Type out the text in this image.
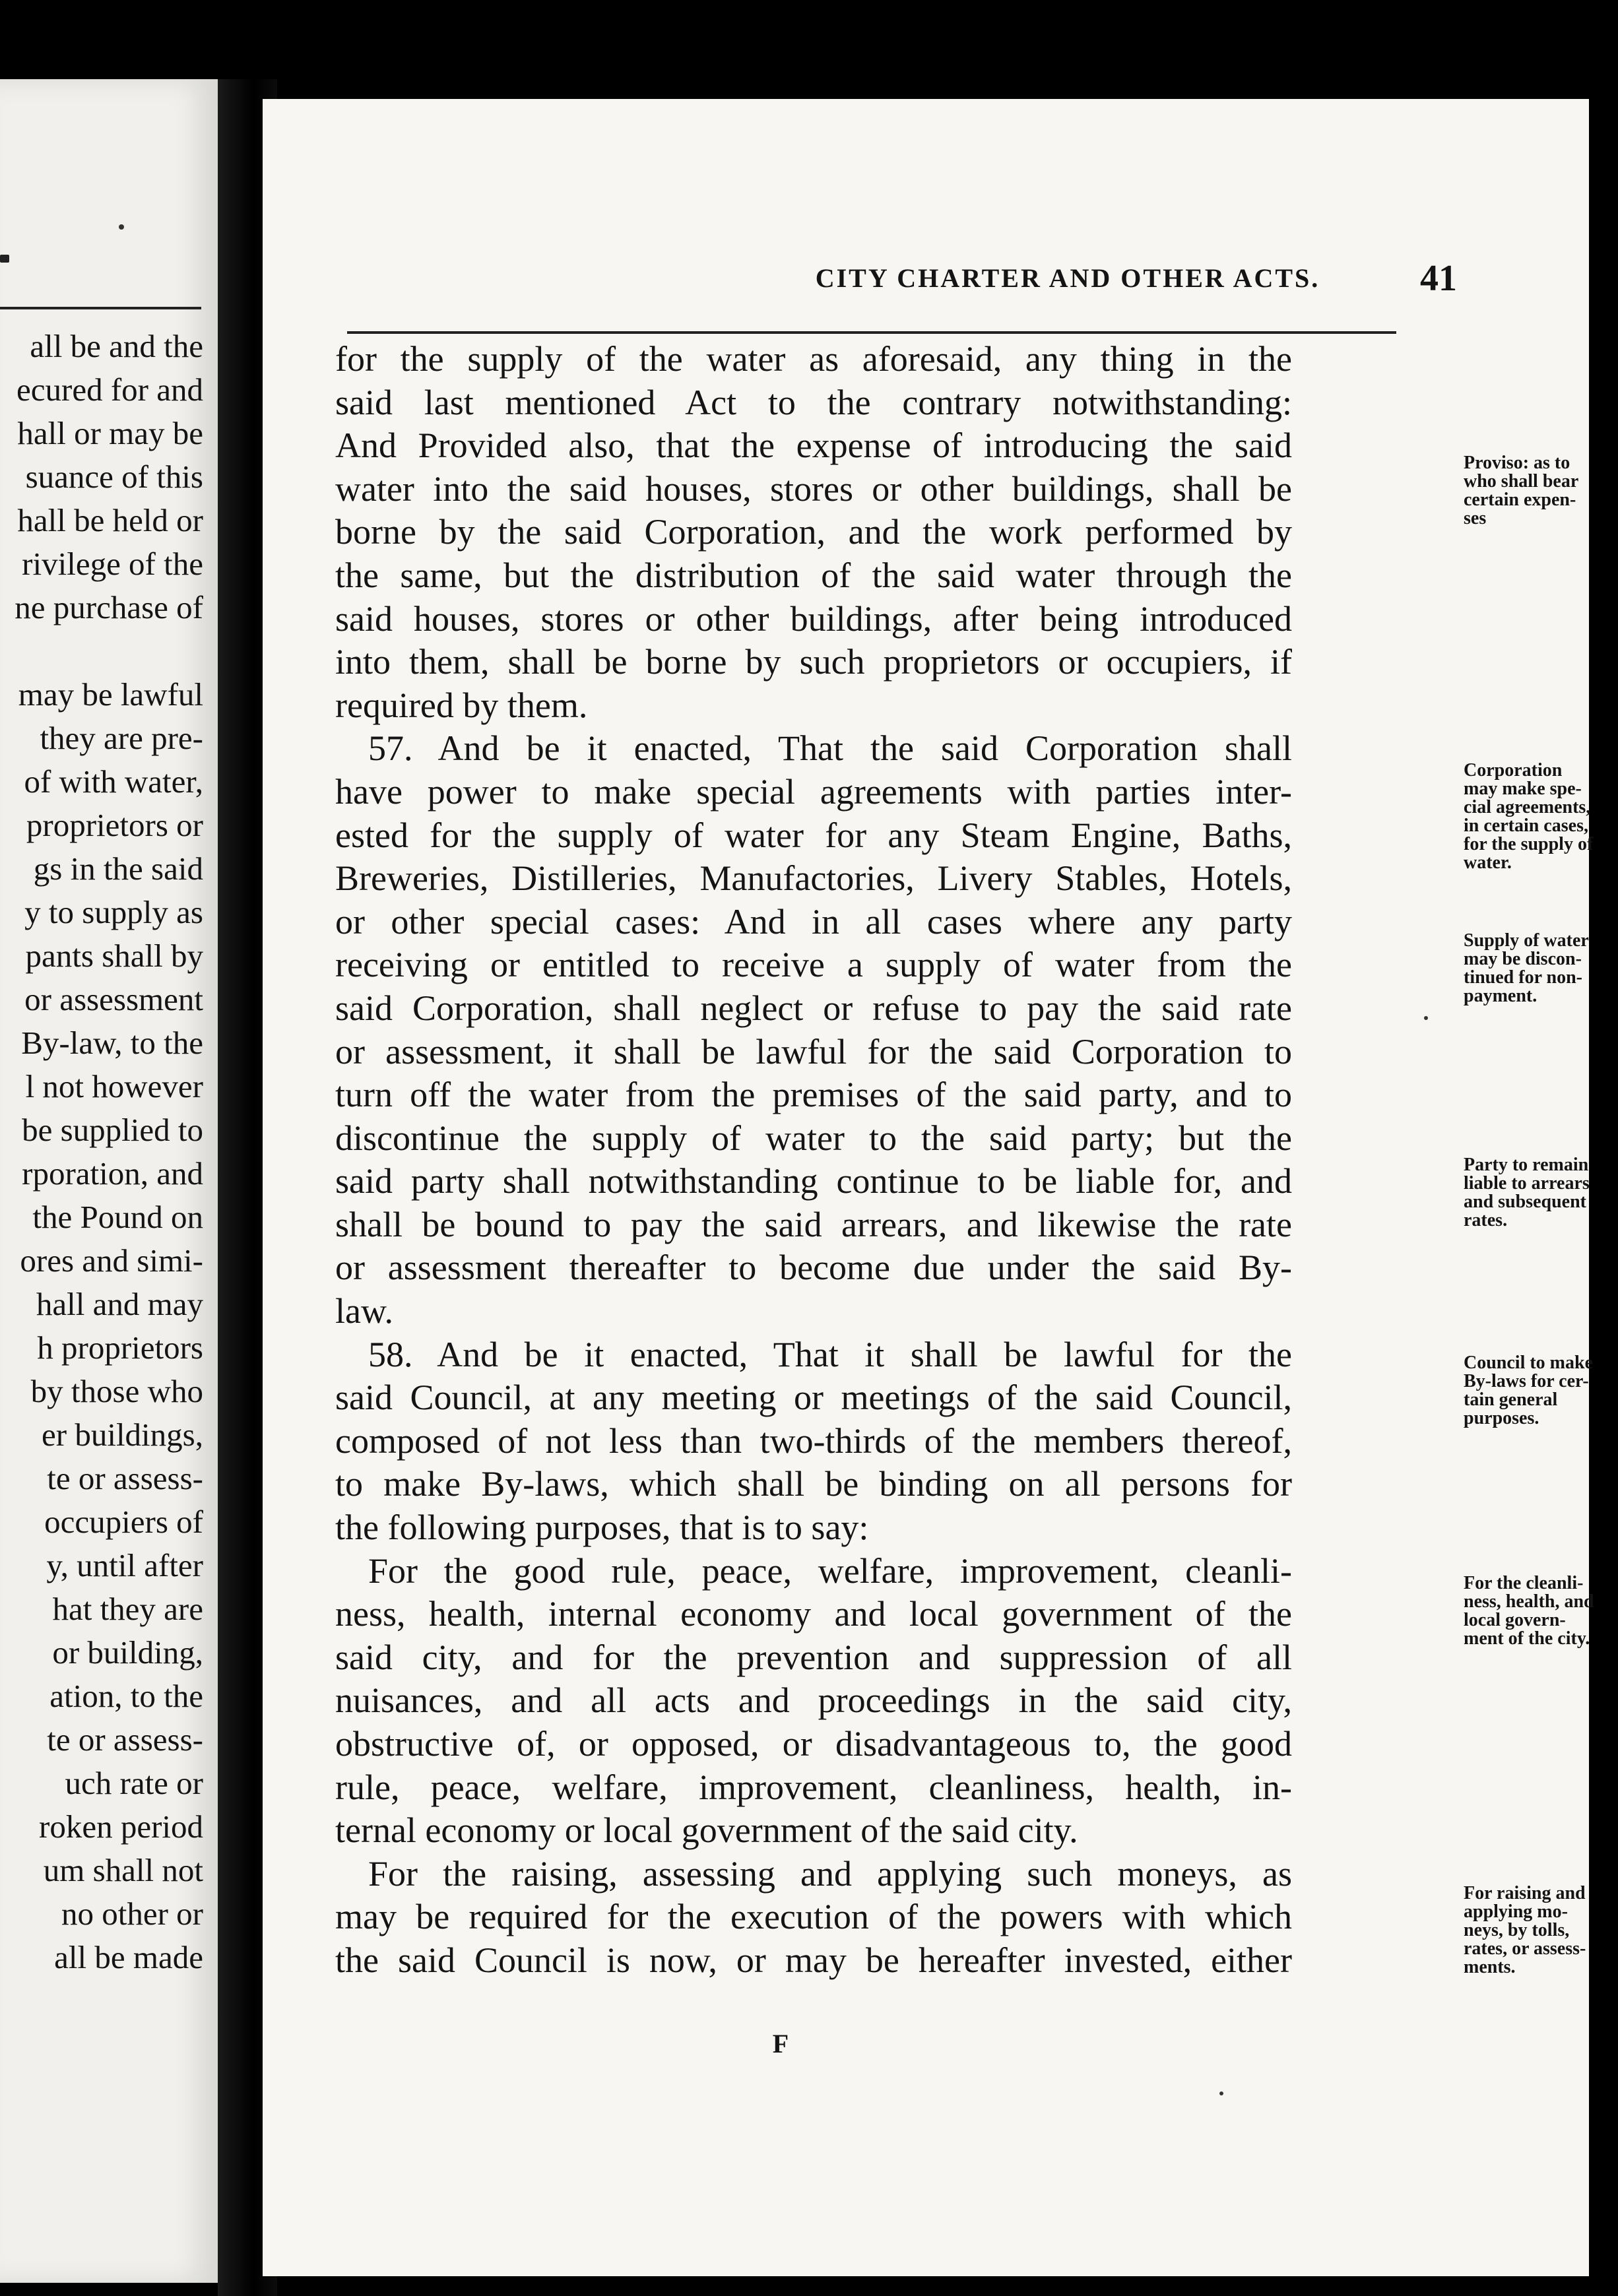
all be and the
ecured for and
hall or may be
suance of this
hall be held or
rivilege of the
ne purchase of
may be lawful
they are pre-
of with water,
proprietors or
gs in the said
y to supply as
pants shall by
or assessment
By-law, to the
l not however
be supplied to
rporation, and
the Pound on
ores and simi-
hall and may
h proprietors
by those who
er buildings,
te or assess-
occupiers of
y, until after
hat they are
or building,
ation, to the
te or assess-
uch rate or
roken period
um shall not
no other or
all be made
CITY CHARTER AND OTHER ACTS.	41
for the supply of the water as aforesaid, any thing in the
said last mentioned Act to the contrary notwithstanding:
And Provided also, that the expense of introducing the said
water into the said houses, stores or other buildings, shall be
borne by the said Corporation, and the work performed by
the same, but the distribution of the said water through the
said houses, stores or other buildings, after being introduced
into them, shall be borne by such proprietors or occupiers, if
required by them.
57. And be it enacted, That the said Corporation shall
have power to make special agreements with parties inter-
ested for the supply of water for any Steam Engine, Baths,
Breweries, Distilleries, Manufactories, Livery Stables, Hotels,
or other special cases: And in all cases where any party
receiving or entitled to receive a supply of water from the
said Corporation, shall neglect or refuse to pay the said rate
or assessment, it shall be lawful for the said Corporation to
turn off the water from the premises of the said party, and to
discontinue the supply of water to the said party; but the
said party shall notwithstanding continue to be liable for, and
shall be bound to pay the said arrears, and likewise the rate
or assessment thereafter to become due under the said By-
law.
58. And be it enacted, That it shall be lawful for the
said Council, at any meeting or meetings of the said Council,
composed of not less than two-thirds of the members thereof,
to make By-laws, which shall be binding on all persons for
the following purposes, that is to say:
For the good rule, peace, welfare, improvement, cleanli-
ness, health, internal economy and local government of the
said city, and for the prevention and suppression of all
nuisances, and all acts and proceedings in the said city,
obstructive of, or opposed, or disadvantageous to, the good
rule, peace, welfare, improvement, cleanliness, health, in-
ternal economy or local government of the said city.
For the raising, assessing and applying such moneys, as
may be required for the execution of the powers with which
the said Council is now, or may be hereafter invested, either
Proviso: as to
who shall bear
certain expen-
ses
Corporation
may make spe-
cial agreements,
in certain cases,
for the supply of
water.
Supply of water
may be discon-
tinued for non-
payment.
Party to remain
liable to arrears
and subsequent
rates.
Council to make
By-laws for cer-
tain general
purposes.
For the cleanli-
ness, health, and
local govern-
ment of the city.
For raising and
applying mo-
neys, by tolls,
rates, or assess-
ments.
F
